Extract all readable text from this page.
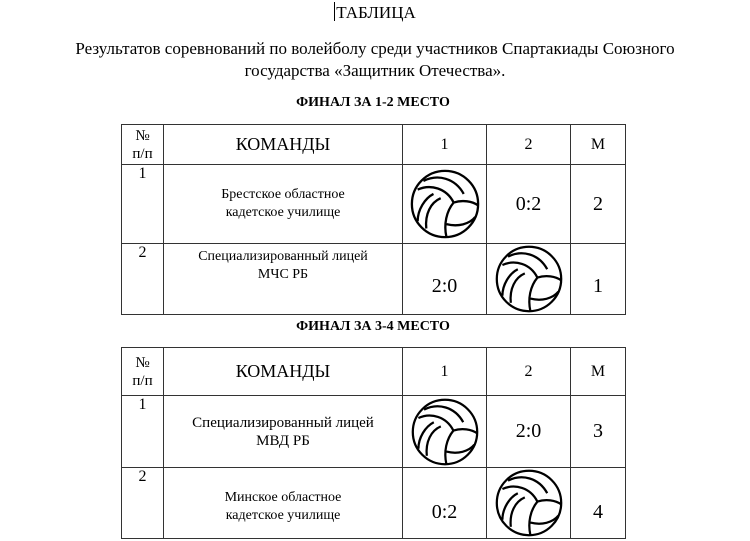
ТАБЛИЦА
Результатов соревнований по волейболу среди участников Спартакиады Союзного
государства «Защитник Отечества».
ФИНАЛ ЗА 1-2 МЕСТО
№
п/п	КОМАНДЫ	1	2	М
1	Брестское областное
кадетское училище		0:2	2
2	Специализированный лицей
МЧС РБ	2:0		1
ФИНАЛ ЗА 3-4 МЕСТО
№
п/п	КОМАНДЫ	1	2	М
1	Специализированный лицей
МВД РБ		2:0	3
2	Минское областное
кадетское училище	0:2		4
